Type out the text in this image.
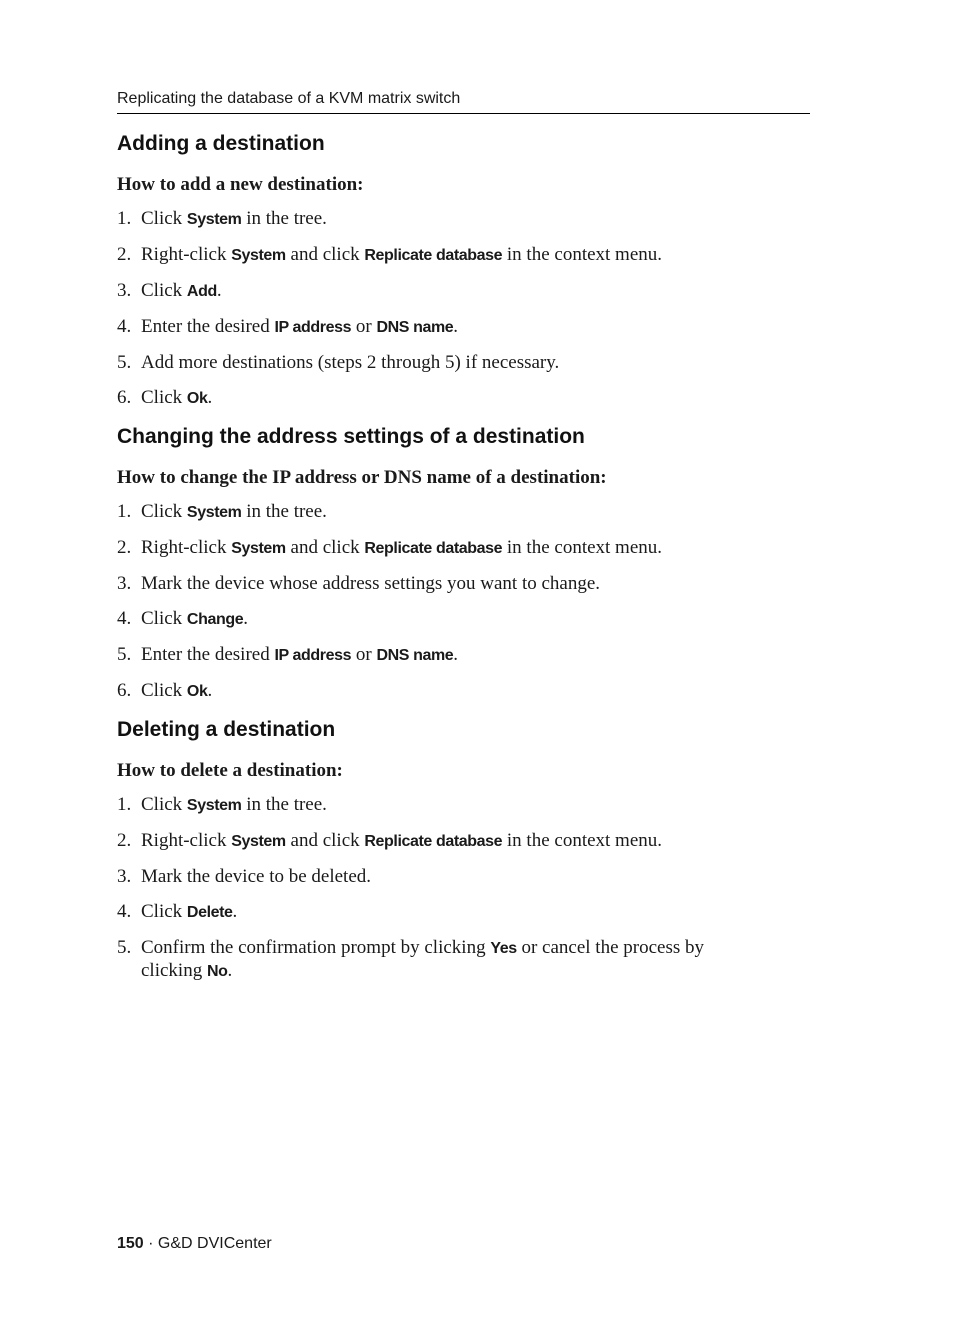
Replicating the database of a KVM matrix switch
Adding a destination
How to add a new destination:
1. Click System in the tree.
2. Right-click System and click Replicate database in the context menu.
3. Click Add.
4. Enter the desired IP address or DNS name.
5. Add more destinations (steps 2 through 5) if necessary.
6. Click Ok.
Changing the address settings of a destination
How to change the IP address or DNS name of a destination:
1. Click System in the tree.
2. Right-click System and click Replicate database in the context menu.
3. Mark the device whose address settings you want to change.
4. Click Change.
5. Enter the desired IP address or DNS name.
6. Click Ok.
Deleting a destination
How to delete a destination:
1. Click System in the tree.
2. Right-click System and click Replicate database in the context menu.
3. Mark the device to be deleted.
4. Click Delete.
5. Confirm the confirmation prompt by clicking Yes or cancel the process by clicking No.
150 · G&D DVICenter
